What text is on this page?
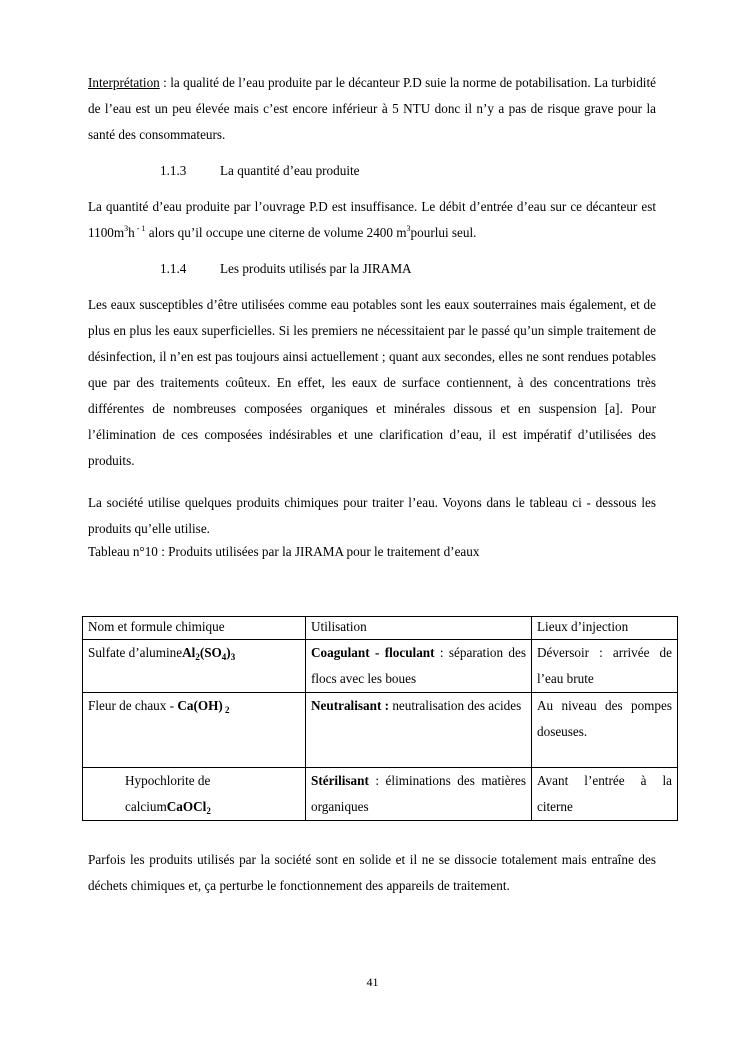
Interprétation : la qualité de l’eau produite par le décanteur P.D suie la norme de potabilisation. La turbidité de l’eau est un peu élevée mais c’est encore inférieur à 5 NTU donc il n’y a pas de risque grave pour la santé des consommateurs.

1.1.3	La quantité d’eau produite

La quantité d’eau produite par l’ouvrage P.D est insuffisance. Le débit d’entrée d’eau sur ce décanteur est $1100m^3h$ $^{- 1}$ alors qu’il occupe une citerne de volume 2400 $m^3pourlui$ seul.

1.1.4	Les produits utilisés par la JIRAMA

Les eaux susceptibles d’être utilisées comme eau potables sont les eaux souterraines mais également, et de plus en plus les eaux superficielles. Si les premiers ne nécessitaient par le passé qu’un simple traitement de désinfection, il n’en est pas toujours ainsi actuellement ; quant aux secondes, elles ne sont rendues potables que par des traitements coûteux. En effet, les eaux de surface contiennent, à des concentrations très différentes de nombreuses composées organiques et minérales dissous et en suspension [a]. Pour l’élimination de ces composées indésirables et une clarification d’eau, il est impératif d’utilisées des produits.

La société utilise quelques produits chimiques pour traiter l’eau. Voyons dans le tableau ci - dessous les produits qu’elle utilise.

Tableau n°10 : Produits utilisées par la JIRAMA pour le traitement d’eaux

Nom et formule chimique	Utilisation	Lieux d’injection
Sulfate $d’alumineAl_2(SO_4)_3$	Coagulant - floculant : séparation des flocs avec les boues	Déversoir : arrivée de l’eau brute
Fleur de chaux - Ca(OH) $_2$	Neutralisant : neutralisation des acides	Au niveau des pompes doseuses.

Hypochlorite de
calciumCaOCl$_2$	Stérilisant : éliminations des matières organiques	Avant l’entrée à la citerne

Parfois les produits utilisés par la société sont en solide et il ne se dissocie totalement mais entraîne des déchets chimiques et, ça perturbe le fonctionnement des appareils de traitement.

41
